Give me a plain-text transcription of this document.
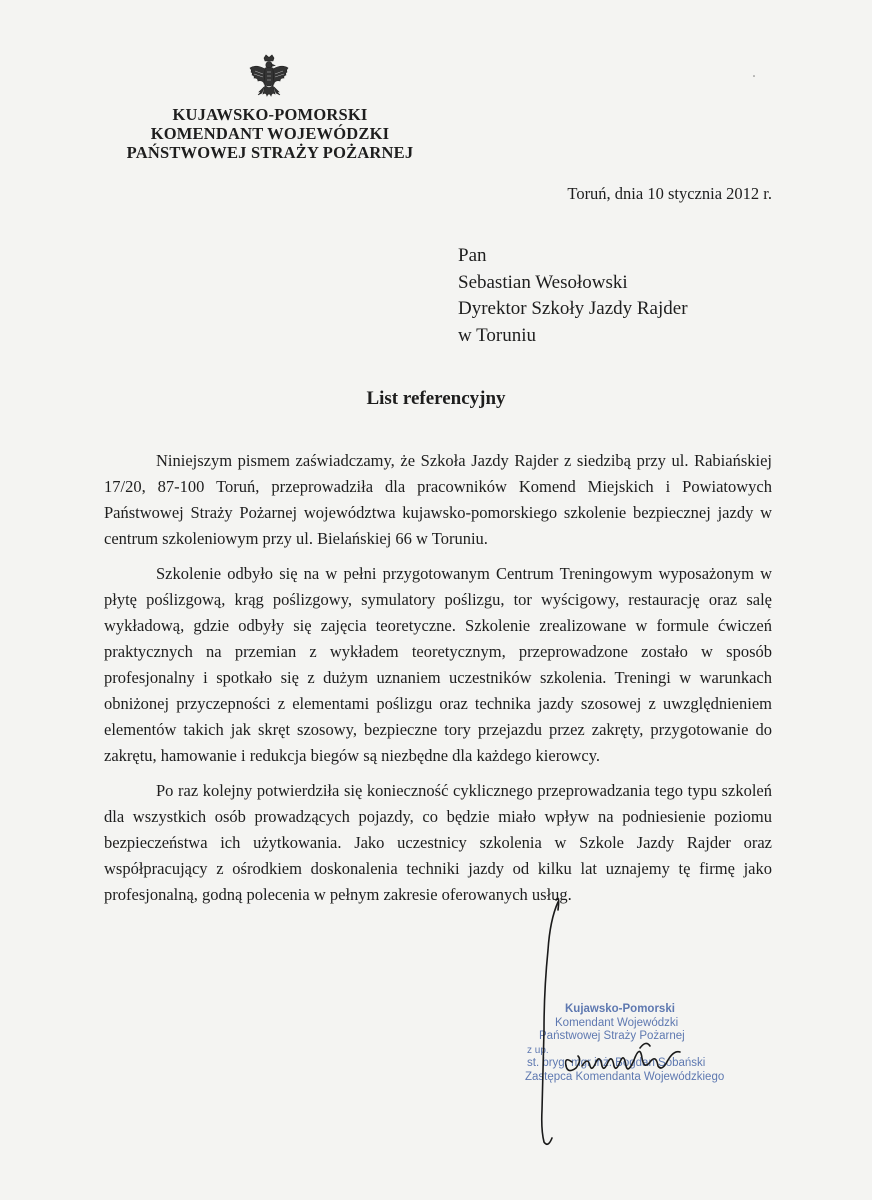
KUJAWSKO-POMORSKI
KOMENDANT WOJEWÓDZKI
PAŃSTWOWEJ STRAŻY POŻARNEJ
Toruń, dnia 10 stycznia 2012 r.
Pan
Sebastian Wesołowski
Dyrektor Szkoły Jazdy Rajder
w Toruniu
List referencyjny

Niniejszym pismem zaświadczamy, że Szkoła Jazdy Rajder z siedzibą przy ul. Rabiańskiej 17/20, 87-100 Toruń, przeprowadziła dla pracowników Komend Miejskich i Powiatowych Państwowej Straży Pożarnej województwa kujawsko-pomorskiego szkolenie bezpiecznej jazdy w centrum szkoleniowym przy ul. Bielańskiej 66 w Toruniu.

Szkolenie odbyło się na w pełni przygotowanym Centrum Treningowym wyposażonym w płytę poślizgową, krąg poślizgowy, symulatory poślizgu, tor wyścigowy, restaurację oraz salę wykładową, gdzie odbyły się zajęcia teoretyczne. Szkolenie zrealizowane w formule ćwiczeń praktycznych na przemian z wykładem teoretycznym, przeprowadzone zostało w sposób profesjonalny i spotkało się z dużym uznaniem uczestników szkolenia. Treningi w warunkach obniżonej przyczepności z elementami poślizgu oraz technika jazdy szosowej z uwzględnieniem elementów takich jak skręt szosowy, bezpieczne tory przejazdu przez zakręty, przygotowanie do zakrętu, hamowanie i redukcja biegów są niezbędne dla każdego kierowcy.

Po raz kolejny potwierdziła się konieczność cyklicznego przeprowadzania tego typu szkoleń dla wszystkich osób prowadzących pojazdy, co będzie miało wpływ na podniesienie poziomu bezpieczeństwa ich użytkowania. Jako uczestnicy szkolenia w Szkole Jazdy Rajder oraz współpracujący z ośrodkiem doskonalenia techniki jazdy od kilku lat uznajemy tę firmę jako profesjonalną, godną polecenia w pełnym zakresie oferowanych usług.

Kujawsko-Pomorski
Komendant Wojewódzki
Państwowej Straży Pożarnej
z up.
st. bryg. mgr inż. Bogdan Sobański
Zastępca Komendanta Wojewódzkiego
